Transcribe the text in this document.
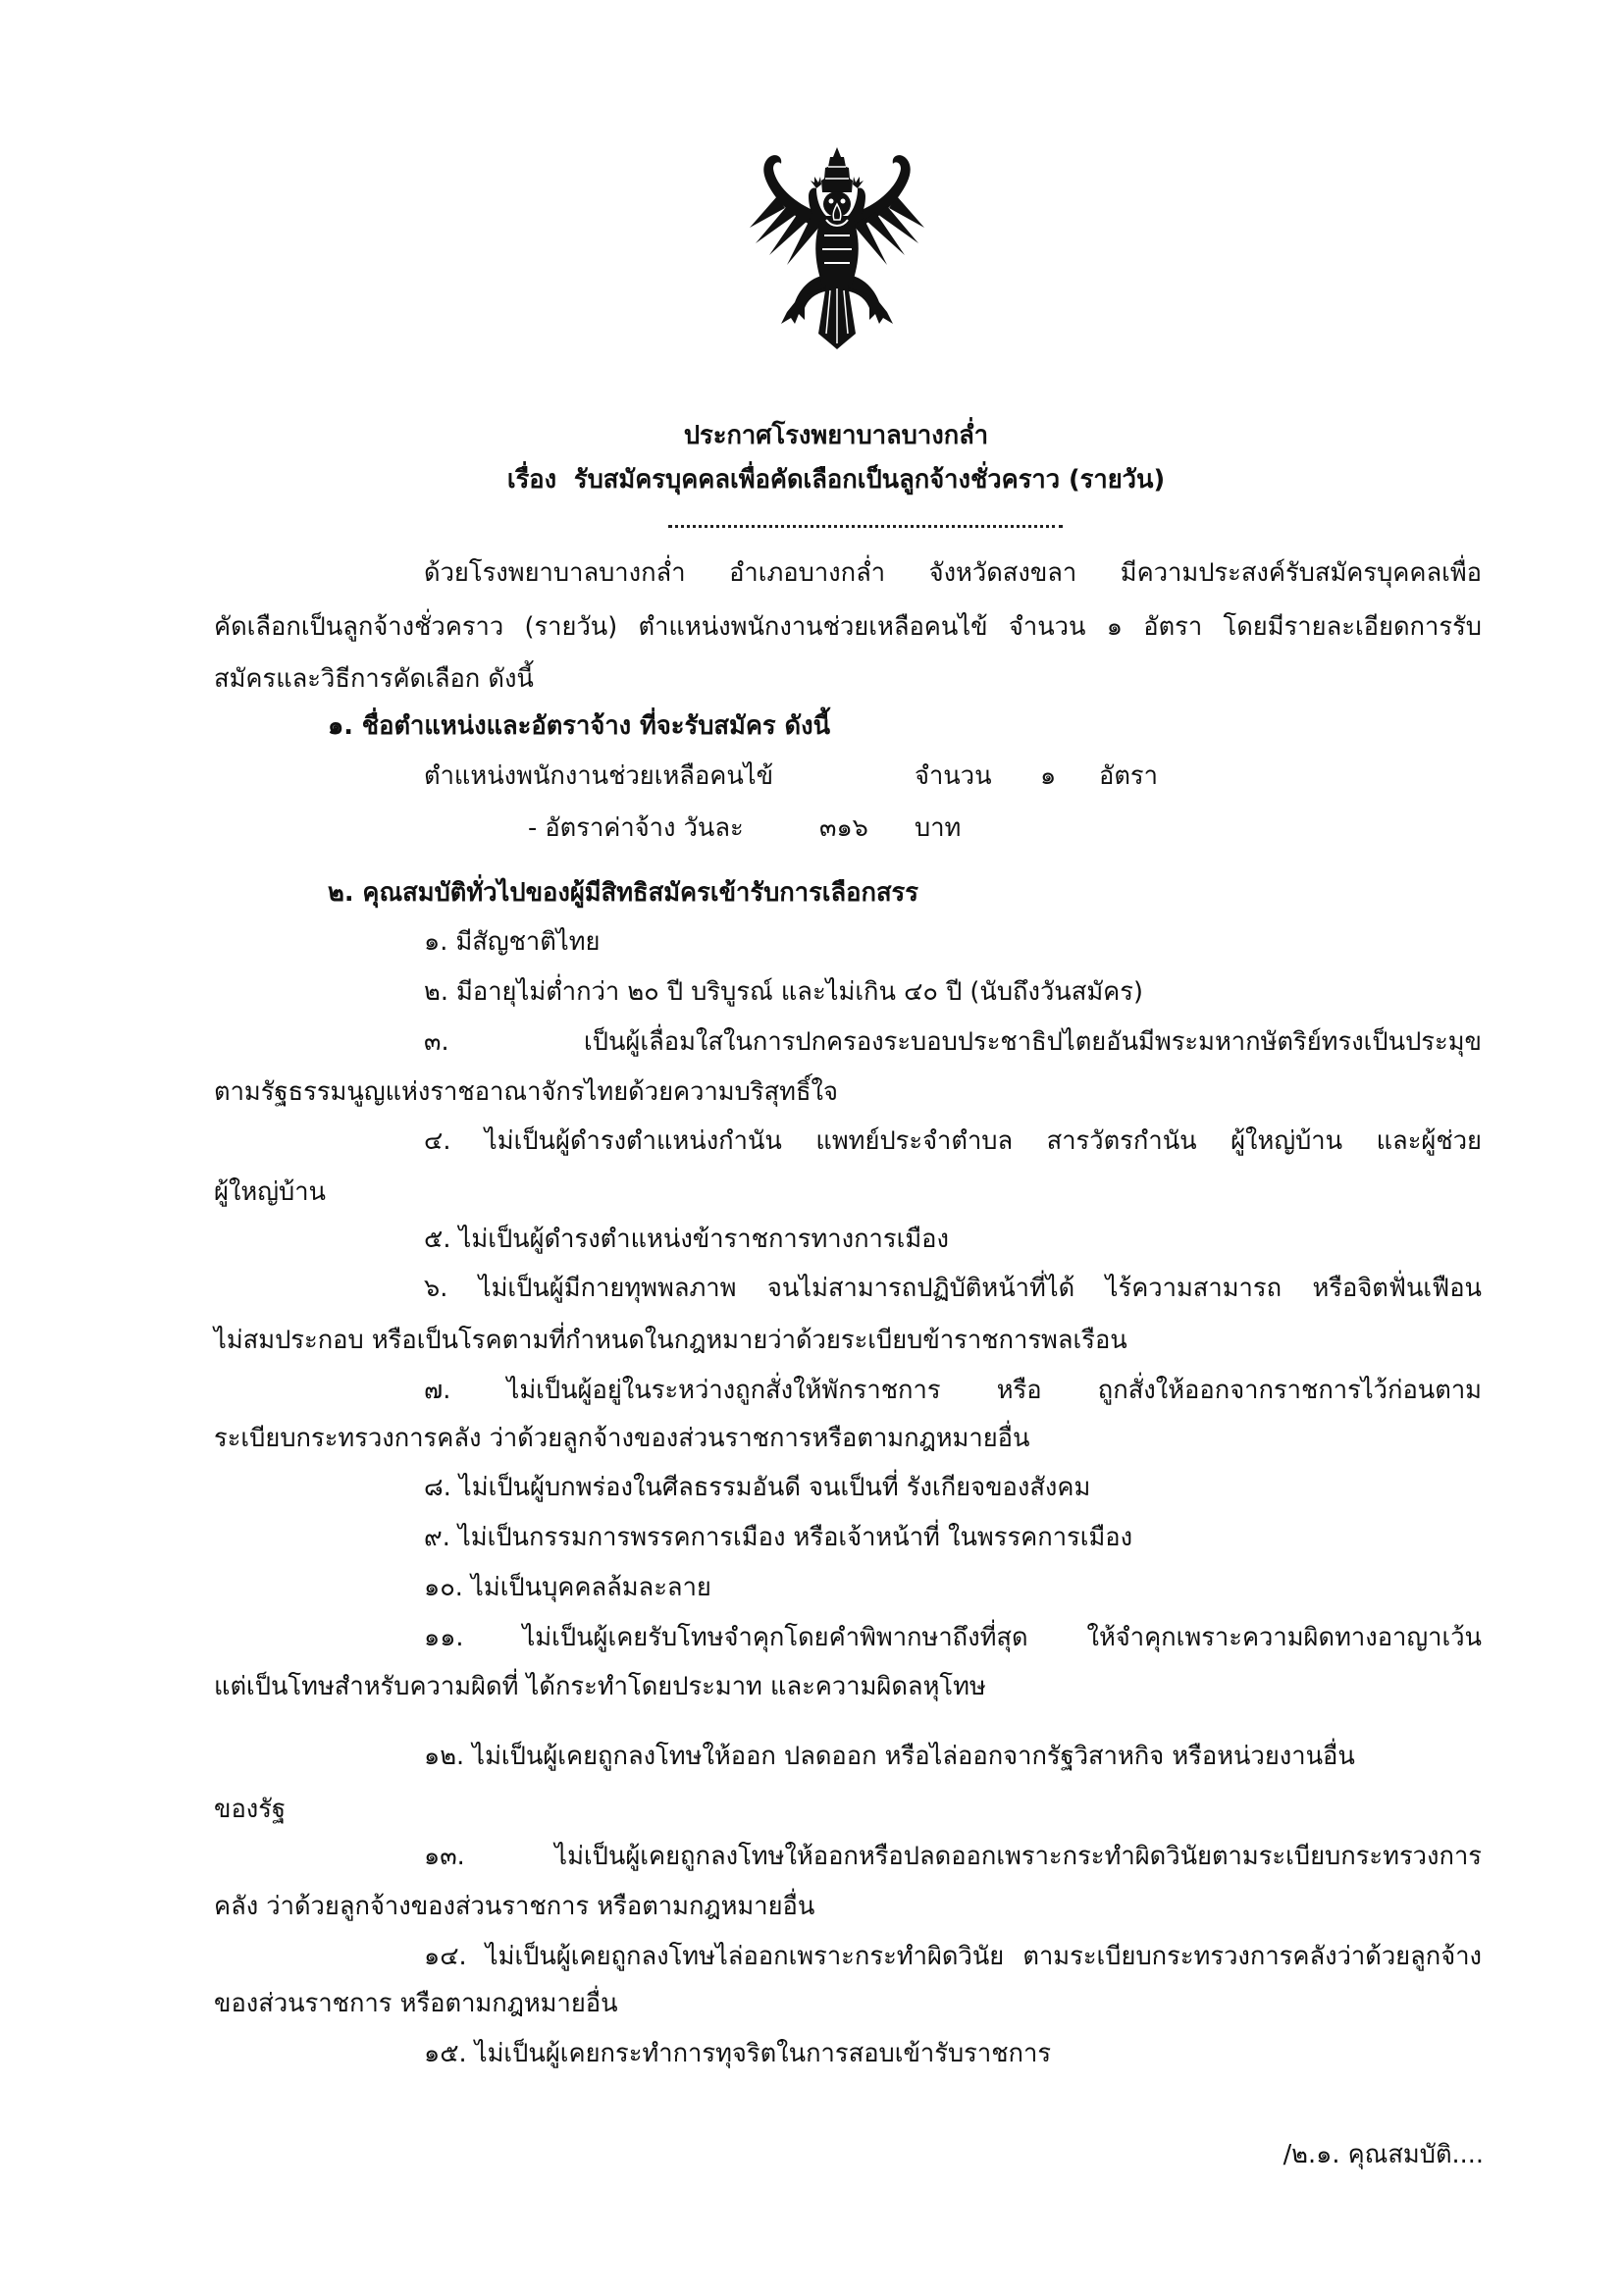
ประกาศโรงพยาบาลบางกล่ำ
เรื่อง  รับสมัครบุคคลเพื่อคัดเลือกเป็นลูกจ้างชั่วคราว (รายวัน)
ด้วยโรงพยาบาลบางกล่ำ อำเภอบางกล่ำ จังหวัดสงขลา มีความประสงค์รับสมัครบุคคลเพื่อ
คัดเลือกเป็นลูกจ้างชั่วคราว (รายวัน) ตำแหน่งพนักงานช่วยเหลือคนไข้ จำนวน ๑ อัตรา โดยมีรายละเอียดการรับ
สมัครและวิธีการคัดเลือก ดังนี้
๑. ชื่อตำแหน่งและอัตราจ้าง ที่จะรับสมัคร ดังนี้
ตำแหน่งพนักงานช่วยเหลือคนไข้	จำนวน ๑ อัตรา
- อัตราค่าจ้าง วันละ	๓๑๖ บาท
๒. คุณสมบัติทั่วไปของผู้มีสิทธิสมัครเข้ารับการเลือกสรร
๑. มีสัญชาติไทย
๒. มีอายุไม่ต่ำกว่า ๒๐ ปี บริบูรณ์ และไม่เกิน ๔๐ ปี (นับถึงวันสมัคร)
๓. เป็นผู้เลื่อมใสในการปกครองระบอบประชาธิปไตยอันมีพระมหากษัตริย์ทรงเป็นประมุข
ตามรัฐธรรมนูญแห่งราชอาณาจักรไทยด้วยความบริสุทธิ์ใจ
๔. ไม่เป็นผู้ดำรงตำแหน่งกำนัน แพทย์ประจำตำบล สารวัตรกำนัน ผู้ใหญ่บ้าน และผู้ช่วย
ผู้ใหญ่บ้าน
๕. ไม่เป็นผู้ดำรงตำแหน่งข้าราชการทางการเมือง
๖. ไม่เป็นผู้มีกายทุพพลภาพ จนไม่สามารถปฏิบัติหน้าที่ได้ ไร้ความสามารถ หรือจิตฟั่นเฟือน
ไม่สมประกอบ หรือเป็นโรคตามที่กำหนดในกฎหมายว่าด้วยระเบียบข้าราชการพลเรือน
๗. ไม่เป็นผู้อยู่ในระหว่างถูกสั่งให้พักราชการ หรือ ถูกสั่งให้ออกจากราชการไว้ก่อนตาม
ระเบียบกระทรวงการคลัง ว่าด้วยลูกจ้างของส่วนราชการหรือตามกฎหมายอื่น
๘. ไม่เป็นผู้บกพร่องในศีลธรรมอันดี จนเป็นที่ รังเกียจของสังคม
๙. ไม่เป็นกรรมการพรรคการเมือง หรือเจ้าหน้าที่ ในพรรคการเมือง
๑๐. ไม่เป็นบุคคลล้มละลาย
๑๑. ไม่เป็นผู้เคยรับโทษจำคุกโดยคำพิพากษาถึงที่สุด ให้จำคุกเพราะความผิดทางอาญาเว้น
แต่เป็นโทษสำหรับความผิดที่ ได้กระทำโดยประมาท และความผิดลหุโทษ
๑๒. ไม่เป็นผู้เคยถูกลงโทษให้ออก ปลดออก หรือไล่ออกจากรัฐวิสาหกิจ หรือหน่วยงานอื่น
ของรัฐ
๑๓. ไม่เป็นผู้เคยถูกลงโทษให้ออกหรือปลดออกเพราะกระทำผิดวินัยตามระเบียบกระทรวงการ
คลัง ว่าด้วยลูกจ้างของส่วนราชการ หรือตามกฎหมายอื่น
๑๔. ไม่เป็นผู้เคยถูกลงโทษไล่ออกเพราะกระทำผิดวินัย ตามระเบียบกระทรวงการคลังว่าด้วยลูกจ้าง
ของส่วนราชการ หรือตามกฎหมายอื่น
๑๕. ไม่เป็นผู้เคยกระทำการทุจริตในการสอบเข้ารับราชการ
/๒.๑. คุณสมบัติ....
